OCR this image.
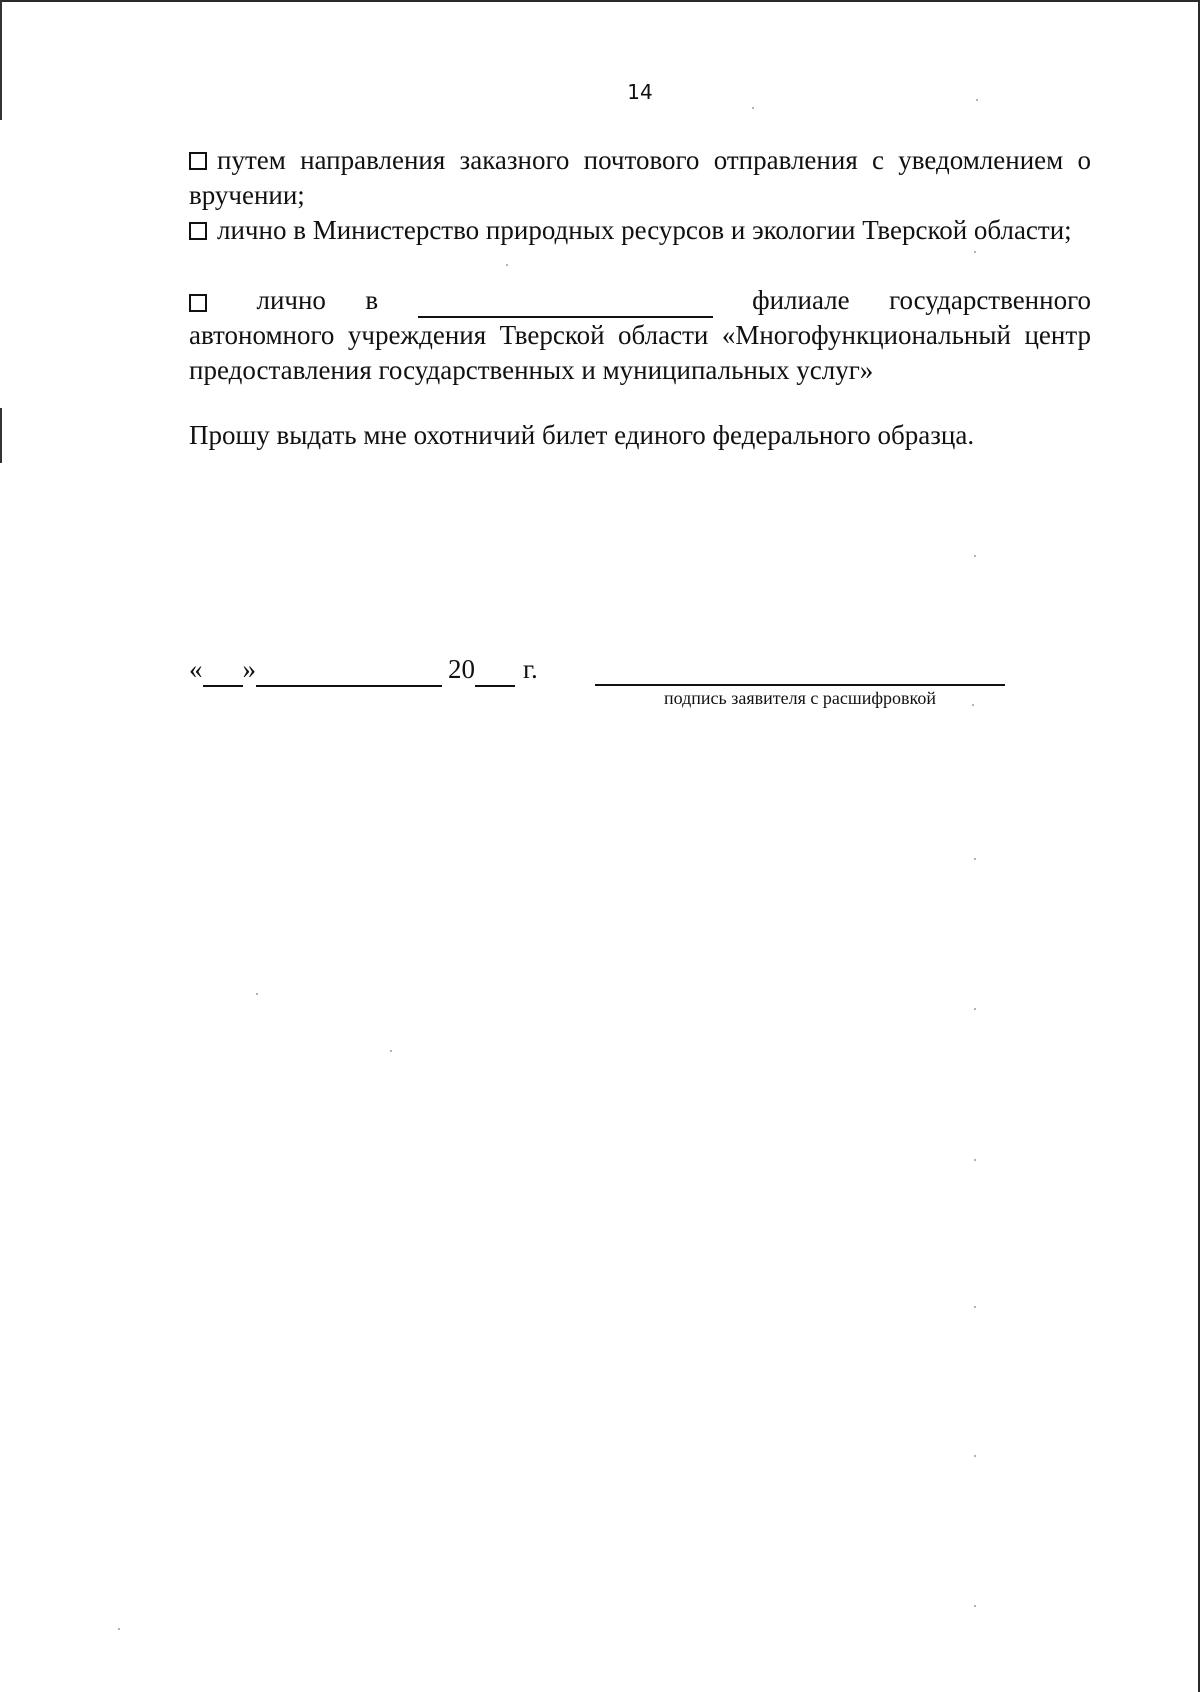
14
путем направления заказного почтового отправления с уведомлением о вручении;
лично в Министерство природных ресурсов и экологии Тверской области;
лично в	филиале государственного
автономного учреждения Тверской области «Многофункциональный центр предоставления государственных и муниципальных услуг»
Прошу выдать мне охотничий билет единого федерального образца.
« »	20 г.
подпись заявителя с расшифровкой
